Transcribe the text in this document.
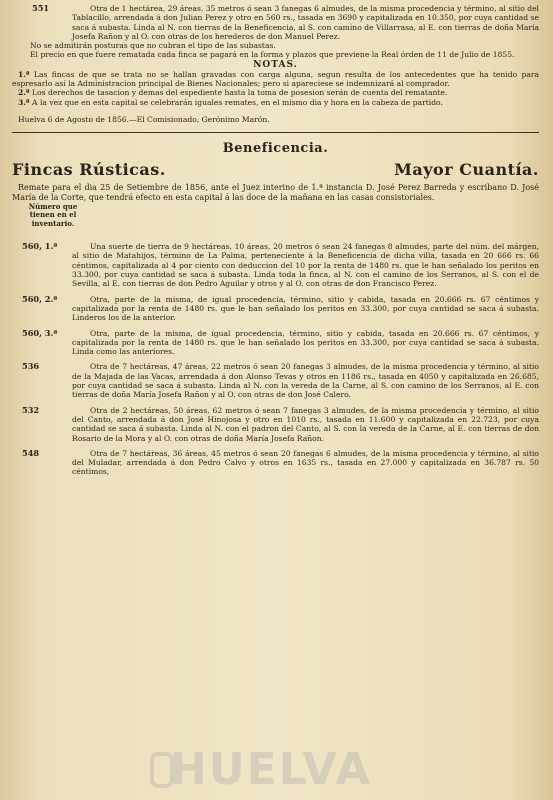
551	Otra de 1 hectárea, 29 áreas. 35 metros ó sean 3 fanegas 6 almudes, de la misma procedencia y término, al sitio del Tablacillo, arrendada á don Julian Perez y otro en 560 rs., tasada en 3690 y capitalizada en 10.350, por cuya cantidad se saca á subasta. Linda al N. con tierras de la Beneficencia, al S. con camino de Villarrasa, al E. con tierras de doña María Josefa Rañon y al O. con otras de los herederos de don Manuel Perez.

No se admitirán posturas que no cubran el tipo de las subastas.

El precio en que fuere rematada cada finca se pagará en la forma y plazos que previene la Real órden de 11 de Julio de 1855.

NOTAS.

1.ª Las fincas de que se trata no se hallan gravadas con carga alguna, segun resulta de los antecedentes que ha tenido para espresarlo así la Administracion principal de Bienes Nacionales; pero si apareciese se indemnizará al comprador.

2.ª Los derechos de tasacion y demas del espediente hasta la toma de posesion serán de cuenta del rematante.

3.ª A la vez que en esta capital se celebrarán iguales remates, en el mismo dia y hora en la cabeza de partido.

Huelva 6 de Agosto de 1856.—El Comisionado, Gerónimo Marón.

Beneficencia.
Fincas Rústicas.	Mayor Cuantía.

Remate para el dia 25 de Setiembre de 1856, ante el Juez interino de 1.ª instancia D. José Perez Barreda y escribano D. José María de la Corte, que tendrá efecto en esta capital á las doce de la mañana en las casas consistoriales.

Número que tienen en el inventario.
560, 1.ª	Una suerte de tierra de 9 hectáreas, 10 áreas, 20 metros ó sean 24 fanegas 8 almudes, parte del núm. del márgen, al sitio de Matahijos, término de La Palma, perteneciente á la Beneficencia de dicha villa, tasada en 20 666 rs. 66 céntimos, capitalizada al 4 por ciento con deduccion del 10 por la renta de 1480 rs. que le han señalado los peritos en 33.300, por cuya cantidad se saca á subasta. Linda toda la finca, al N. con el camino de los Serranos, al S. con el de Sevilla, al E. con tierras de don Pedro Aguilar y otros y al O. con otras de don Francisco Perez.
560, 2.ª	Otra, parte de la misma, de igual procedencia, término, sitio y cabida, tasada en 20.666 rs. 67 céntimos y capitalizada por la renta de 1480 rs. que le han señalado los peritos en 33.300, por cuya cantidad se saca á subasta. Linderos los de la anterior.
560, 3.ª	Otra, parte de la misma, de igual procedencia, término, sitio y cabida, tasada en 20.666 rs. 67 céntimos, y capitalizada por la renta de 1480 rs. que le han señalado los peritos en 33.300, por cuya cantidad se saca á subasta. Linda como las anteriores.
536	Otra de 7 hectáreas, 47 áreas, 22 metros ó sean 20 fanegas 3 almudes, de la misma procedencia y término, al sitio de la Majada de las Vacas, arrendada á don Alonso Tevas y otros en 1186 rs., tasada en 4050 y capitalizada en 26.685, por cuya cantidad se saca á subasta. Linda al N. con la vereda de la Carne, al S. con camino de los Serranos, al E. con tierras de doña María Josefa Rañon y al O. con otras de don José Calero.
532	Otra de 2 hectáreas, 50 áreas, 62 metros ó sean 7 fanegas 3 almudes, de la misma procedencia y término, al sitio del Canto, arrendada á don José Hinojosa y otro en 1010 rs., tasada en 11.600 y capitalizada en 22.723, por cuya cantidad se saca á subasta. Linda al N. con el padron del Canto, al S. con la vereda de la Carne, al E. con tierras de don Rosario de la Mora y al O. con otras de doña María Josefa Rañon.
548	Otra de 7 hectáreas, 36 áreas, 45 metros ó sean 20 fanegas 6 almudes, de la misma procedencia y término, al sitio del Muladar, arrendada á don Pedro Calvo y otros en 1635 rs., tasada en 27.000 y capitalizada en 36.787 rs. 50 céntimos,
HUELVA
